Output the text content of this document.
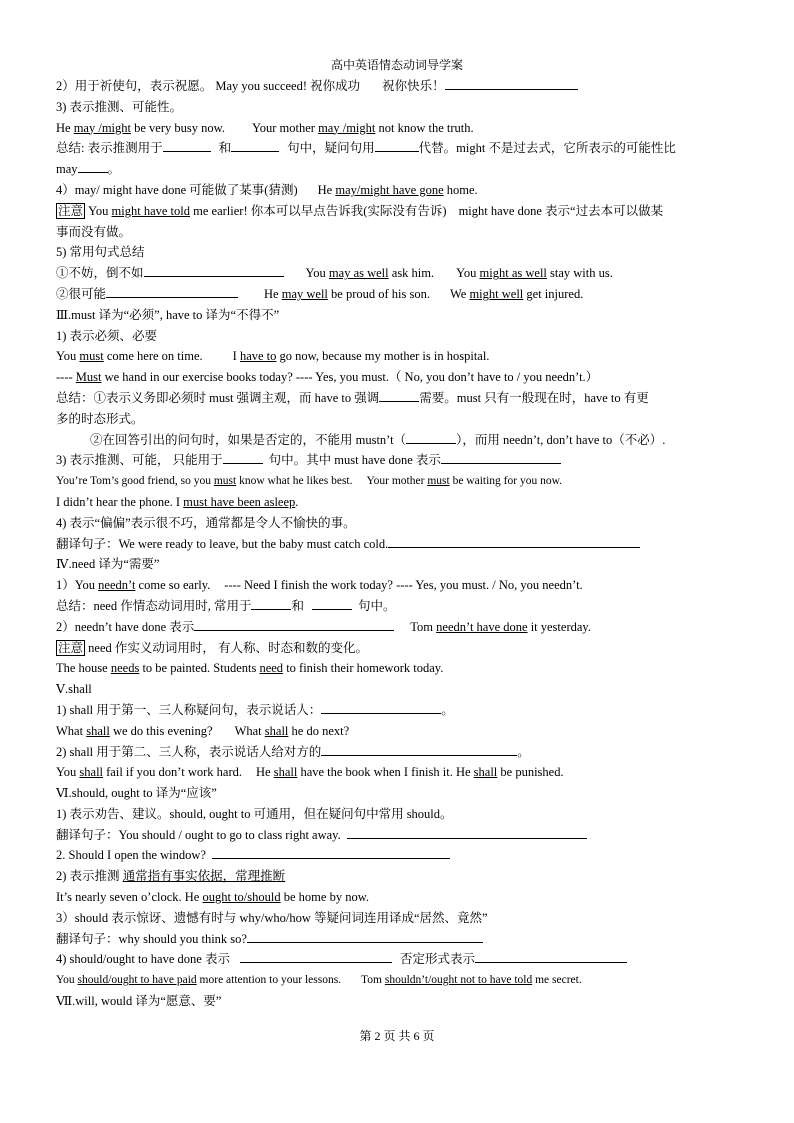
高中英语情态动词导学案
2）用于祈使句，表示祝愿。 May you succeed! 祝你成功 祝你快乐！
3) 表示推测、可能性。
He may /might be very busy now. Your mother may /might not know the truth.
总结: 表示推测用于	和	句中，疑问句用	代替。might 不是过去式，它所表示的可能性比
may 。
4）may/ might have done 可能做了某事(猜测) He may/might have gone home.
注意 You might have told me earlier! 你本可以早点告诉我(实际没有告诉) might have done 表示“过去本可以做某
事而没有做。
5) 常用句式总结
①不妨，倒不如	You may as well ask him. You might as well stay with us.
②很可能	He may well be proud of his son. We might well get injured.
Ⅲ.must 译为“必须”, have to 译为“不得不”
1) 表示必须、必要
You must come here on time. I have to go now, because my mother is in hospital.
---- Must we hand in our exercise books today? ---- Yes, you must.（ No, you don’t have to / you needn’t.）
总结：①表示义务即必须时 must 强调主观，而 have to 强调	需要。must 只有一般现在时，have to 有更
多的时态形式。
②在回答引出的问句时，如果是否定的，不能用 mustn’t（	），而用 needn’t, don’t have to（不必）.
3) 表示推测、可能， 只能用于	句中。其中 must have done 表示
You’re Tom’s good friend, so you must know what he likes best. Your mother must be waiting for you now.
I didn’t hear the phone. I must have been asleep.
4) 表示“偏偏”表示很不巧，通常都是令人不愉快的事。
翻译句子：We were ready to leave, but the baby must catch cold.
Ⅳ.need 译为“需要”
1）You needn’t come so early. ---- Need I finish the work today? ---- Yes, you must. / No, you needn’t.
总结：need 作情态动词用时, 常用于	和	句中。
2）needn’t have done 表示	Tom needn’t have done it yesterday.
注意 need 作实义动词用时， 有人称、时态和数的变化。
The house needs to be painted. Students need to finish their homework today.
Ⅴ.shall
1) shall 用于第一、三人称疑问句，表示说话人：	。
What shall we do this evening? What shall he do next?
2) shall 用于第二、三人称，表示说话人给对方的	。
You shall fail if you don’t work hard. He shall have the book when I finish it. He shall be punished.
Ⅵ.should, ought to 译为“应该”
1) 表示劝告、建议。should, ought to 可通用，但在疑问句中常用 should。
翻译句子：You should / ought to go to class right away.
2. Should I open the window?
2) 表示推测 通常指有事实依据，常理推断
It’s nearly seven o’clock. He ought to/should be home by now.
3）should 表示惊讶、遗憾有时与 why/who/how 等疑问词连用译成“居然、竟然”
翻译句子：why should you think so?
4) should/ought to have done 表示	否定形式表示
You should/ought to have paid more attention to your lessons. Tom shouldn’t/ought not to have told me secret.
Ⅶ.will, would 译为“愿意、要”
第 2 页 共 6 页
